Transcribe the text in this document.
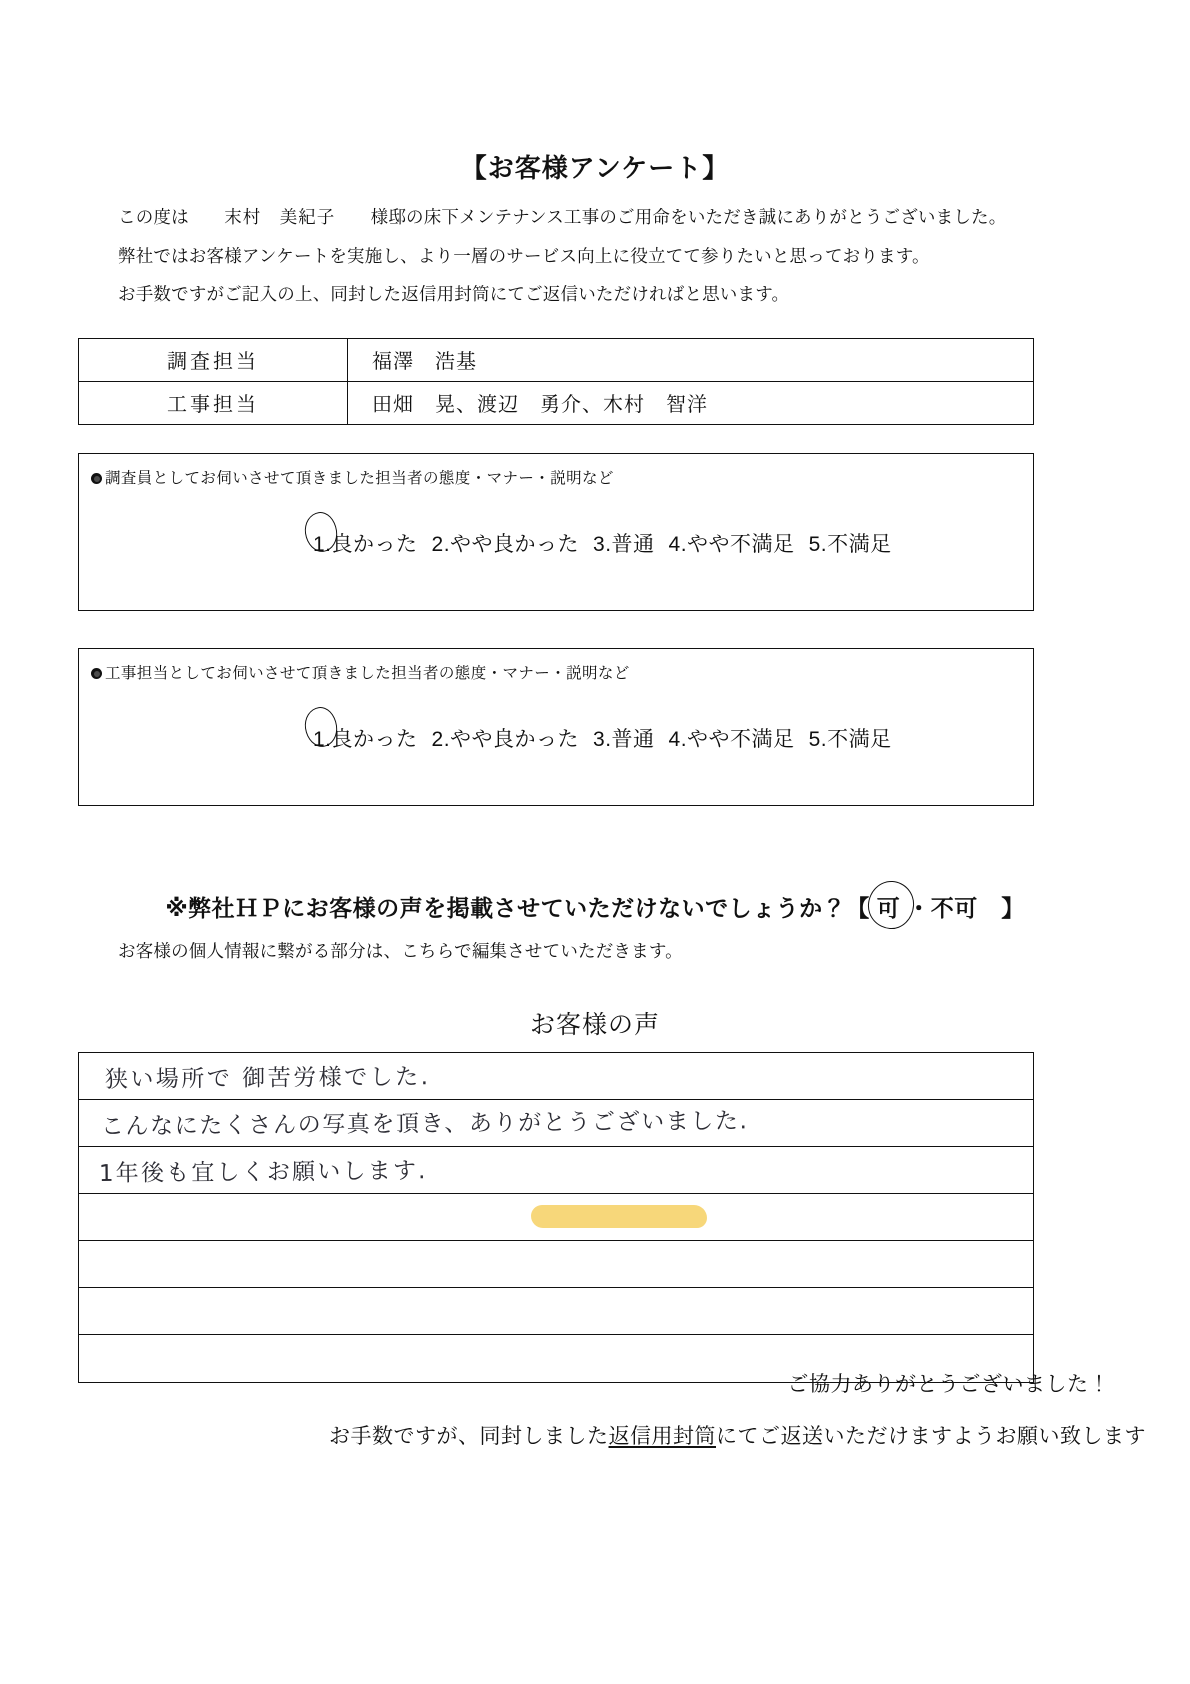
【お客様アンケート】
この度は　　 末村　美紀子　　 様邸の床下メンテナンス工事のご用命をいただき誠にありがとうございました。
弊社ではお客様アンケートを実施し、より一層のサービス向上に役立てて参りたいと思っております。
お手数ですがご記入の上、同封した返信用封筒にてご返信いただければと思います。
調査担当	福澤　浩基
工事担当	田畑　晃、渡辺　勇介、木村　智洋
調査員としてお伺いさせて頂きました担当者の態度・マナー・説明など
1.良かった 2.やや良かった 3.普通 4.やや不満足 5.不満足
工事担当としてお伺いさせて頂きました担当者の態度・マナー・説明など
1.良かった 2.やや良かった 3.普通 4.やや不満足 5.不満足
※弊社ＨＰにお客様の声を掲載させていただけないでしょうか？【 可 ・不可　 】
お客様の個人情報に繋がる部分は、こちらで編集させていただきます。
お客様の声
狭い場所で 御苦労様でした.
こんなにたくさんの写真を頂き、ありがとうございました.
1年後も宜しくお願いします.
ご協力ありがとうございました！
お手数ですが、同封しました返信用封筒にてご返送いただけますようお願い致します
